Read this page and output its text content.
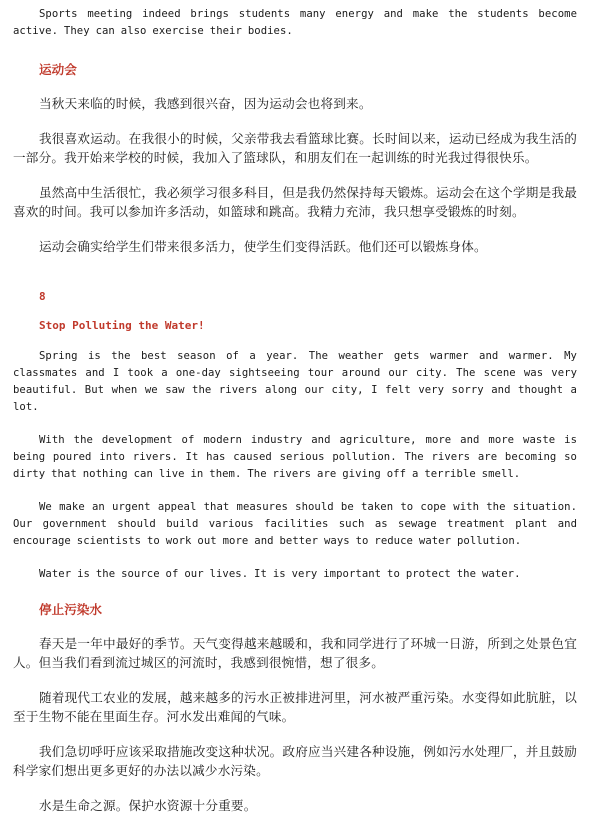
Sports meeting indeed brings students many energy and make the students become active. They can also exercise their bodies.

运动会

当秋天来临的时候，我感到很兴奋，因为运动会也将到来。

我很喜欢运动。在我很小的时候，父亲带我去看篮球比赛。长时间以来，运动已经成为我生活的一部分。我开始来学校的时候，我加入了篮球队，和朋友们在一起训练的时光我过得很快乐。

虽然高中生活很忙，我必须学习很多科目，但是我仍然保持每天锻炼。运动会在这个学期是我最喜欢的时间。我可以参加许多活动，如篮球和跳高。我精力充沛，我只想享受锻炼的时刻。

运动会确实给学生们带来很多活力，使学生们变得活跃。他们还可以锻炼身体。

8
Stop Polluting the Water!

Spring is the best season of a year. The weather gets warmer and warmer. My classmates and I took a one-day sightseeing tour around our city. The scene was very beautiful. But when we saw the rivers along our city, I felt very sorry and thought a lot.

With the development of modern industry and agriculture, more and more waste is being poured into rivers. It has caused serious pollution. The rivers are becoming so dirty that nothing can live in them. The rivers are giving off a terrible smell.

We make an urgent appeal that measures should be taken to cope with the situation. Our government should build various facilities such as sewage treatment plant and encourage scientists to work out more and better ways to reduce water pollution.

Water is the source of our lives. It is very important to protect the water.

停止污染水

春天是一年中最好的季节。天气变得越来越暖和，我和同学进行了环城一日游，所到之处景色宜人。但当我们看到流过城区的河流时，我感到很惋惜，想了很多。

随着现代工农业的发展，越来越多的污水正被排进河里，河水被严重污染。水变得如此肮脏，以至于生物不能在里面生存。河水发出难闻的气味。

我们急切呼吁应该采取措施改变这种状况。政府应当兴建各种设施，例如污水处理厂，并且鼓励科学家们想出更多更好的办法以减少水污染。

水是生命之源。保护水资源十分重要。
